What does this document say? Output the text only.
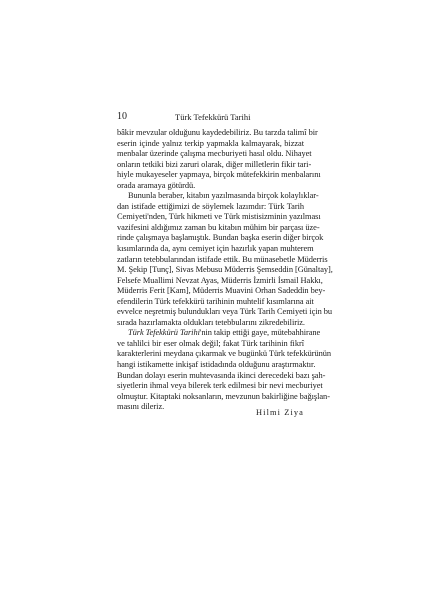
10	Türk Tefekkürü Tarihi

bâkir mevzular olduğunu kaydedebiliriz. Bu tarzda talimî bir
eserin içinde yalnız terkip yapmakla kalmayarak, bizzat
menbalar üzerinde çalışma mecburiyeti hasıl oldu. Nihayet
onların tetkiki bizi zaruri olarak, diğer milletlerin fikir tari-
hiyle mukayeseler yapmaya, birçok mütefekkirin menbalarını
orada aramaya götürdü.

Bununla beraber, kitabın yazılmasında birçok kolaylıklar-
dan istifade ettiğimizi de söylemek lazımdır: Türk Tarih
Cemiyeti'nden, Türk hikmeti ve Türk mistisizminin yazılması
vazifesini aldığımız zaman bu kitabın mühim bir parçası üze-
rinde çalışmaya başlamıştık. Bundan başka eserin diğer birçok
kısımlarında da, aynı cemiyet için hazırlık yapan muhterem
zatların tetebbularından istifade ettik. Bu münasebetle Müderris
M. Şekip [Tunç], Sivas Mebusu Müderris Şemseddin [Günaltay],
Felsefe Muallimi Nevzat Ayas, Müderris İzmirli İsmail Hakkı,
Müderris Ferit [Kam], Müderris Muavini Orhan Sadeddin bey-
efendilerin Türk tefekkürü tarihinin muhtelif kısımlarına ait
evvelce neşretmiş bulundukları veya Türk Tarih Cemiyeti için bu
sırada hazırlamakta oldukları tetebbularını zikredebiliriz.

Türk Tefekkürü Tarihi'nin takip ettiği gaye, mütebahhirane
ve tahlilci bir eser olmak değil; fakat Türk tarihinin fikrî
karakterlerini meydana çıkarmak ve bugünkü Türk tefekkürünün
hangi istikamette inkişaf istidadında olduğunu araştırmaktır.
Bundan dolayı eserin muhtevasında ikinci derecedeki bazı şah-
siyetlerin ihmal veya bilerek terk edilmesi bir nevi mecburiyet
olmuştur. Kitaptaki noksanların, mevzunun bakirliğine bağışlan-
masını dileriz.

Hilmi Ziya
